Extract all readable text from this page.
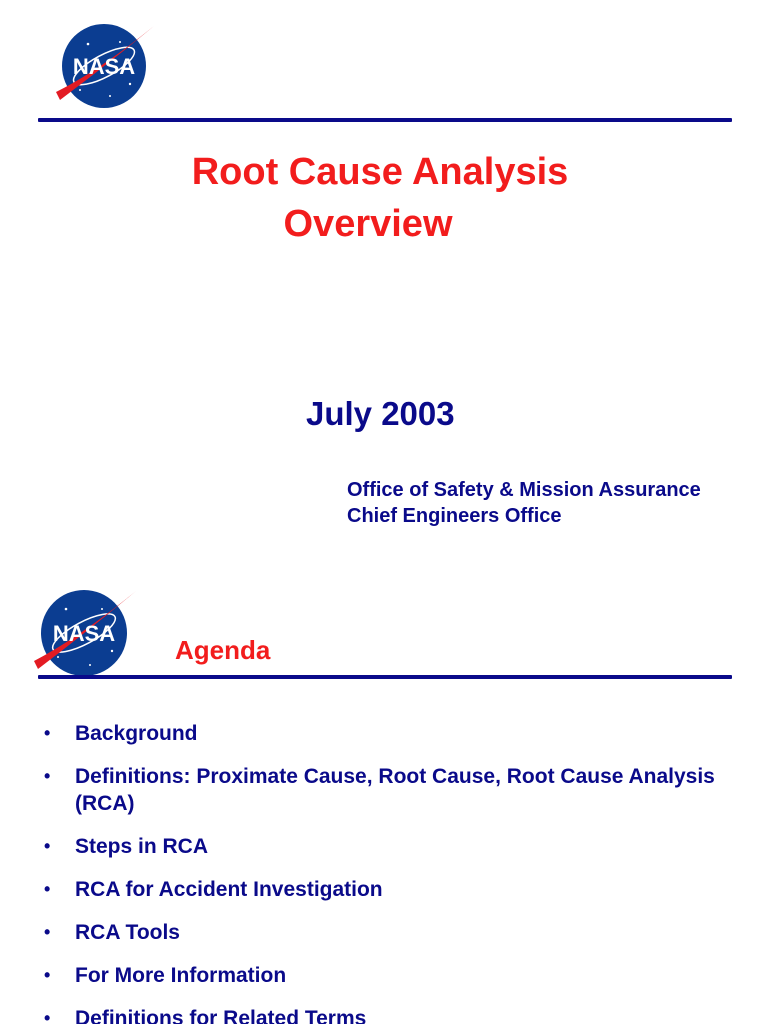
NASA
Root Cause Analysis
Overview
July 2003
Office of Safety & Mission Assurance
Chief Engineers Office
NASA
Agenda
• Background
• Definitions: Proximate Cause, Root Cause, Root Cause Analysis (RCA)
• Steps in RCA
• RCA for Accident Investigation
• RCA Tools
• For More Information
• Definitions for Related Terms
